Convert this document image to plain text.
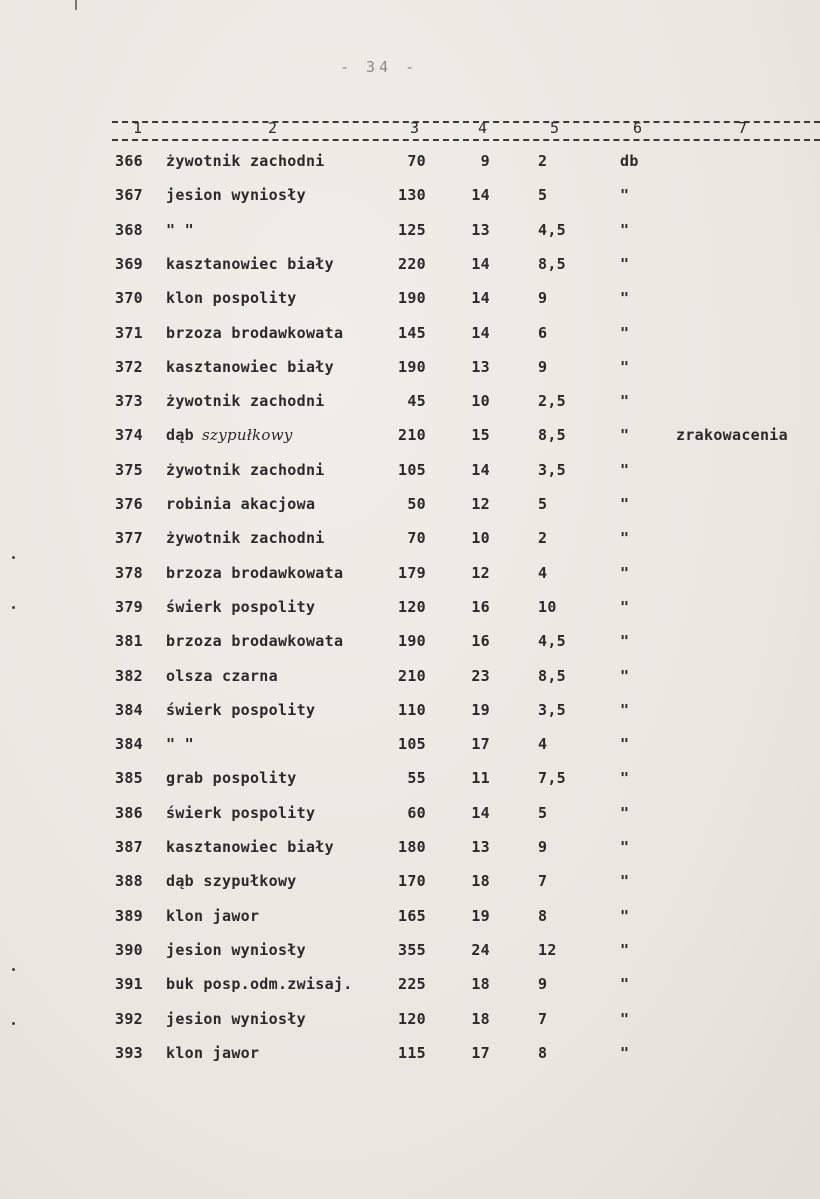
- 34 -
1	2	3	4	5	6	7
366 żywotnik zachodni	70	9	2	db
367 jesion wyniosły	130	14	5	"
368 " "	125	13	4,5	"
369 kasztanowiec biały	220	14	8,5	"
370 klon pospolity	190	14	9	"
371 brzoza brodawkowata	145	14	6	"
372 kasztanowiec biały	190	13	9	"
373 żywotnik zachodni	45	10	2,5	"
374 dąb szypułkowy	210	15	8,5	"	zrakowacenia
375 żywotnik zachodni	105	14	3,5	"
376 robinia akacjowa	50	12	5	"
377 żywotnik zachodni	70	10	2	"
378 brzoza brodawkowata	179	12	4	"
379 świerk pospolity	120	16	10	"
381 brzoza brodawkowata	190	16	4,5	"
382 olsza czarna	210	23	8,5	"
384 świerk pospolity	110	19	3,5	"
384 " "	105	17	4	"
385 grab pospolity	55	11	7,5	"
386 świerk pospolity	60	14	5	"
387 kasztanowiec biały	180	13	9	"
388 dąb szypułkowy	170	18	7	"
389 klon jawor	165	19	8	"
390 jesion wyniosły	355	24	12	"
391 buk posp.odm.zwisaj.	225	18	9	"
392 jesion wyniosły	120	18	7	"
393 klon jawor	115	17	8	"
